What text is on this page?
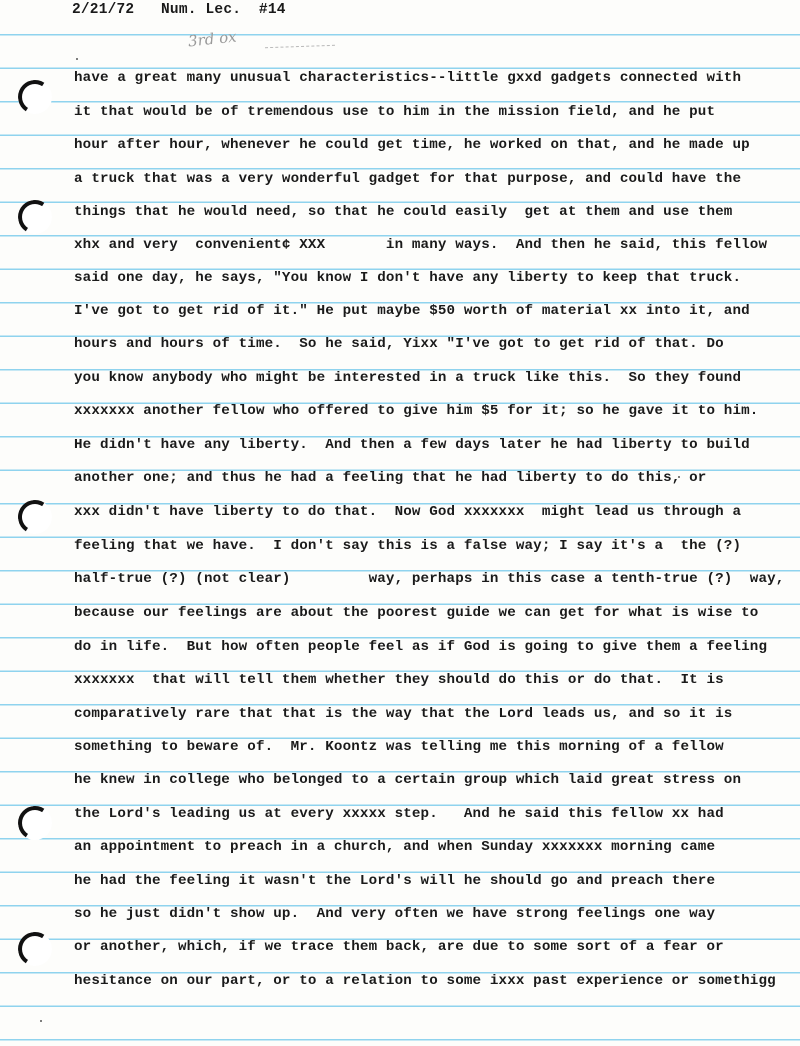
2/21/72   Num. Lec.  #14
3rd ox
have a great many unusual characteristics--little gxxd gadgets connected with
it that would be of tremendous use to him in the mission field, and he put
hour after hour, whenever he could get time, he worked on that, and he made up
a truck that was a very wonderful gadget for that purpose, and could have the
things that he would need, so that he could easily  get at them and use them
xhx and very  convenient¢ XXX       in many ways.  And then he said, this fellow
said one day, he says, "You know I don't have any liberty to keep that truck.
I've got to get rid of it." He put maybe $50 worth of material xx into it, and
hours and hours of time.  So he said, Yixx "I've got to get rid of that. Do
you know anybody who might be interested in a truck like this.  So they found
xxxxxxx another fellow who offered to give him $5 for it; so he gave it to him.
He didn't have any liberty.  And then a few days later he had liberty to build
another one; and thus he had a feeling that he had liberty to do this, or
xxx didn't have liberty to do that.  Now God xxxxxxx  might lead us through a
feeling that we have.  I don't say this is a false way; I say it's a  the (?)
half-true (?) (not clear)         way, perhaps in this case a tenth-true (?)  way,
because our feelings are about the poorest guide we can get for what is wise to
do in life.  But how often people feel as if God is going to give them a feeling
xxxxxxx  that will tell them whether they should do this or do that.  It is
comparatively rare that that is the way that the Lord leads us, and so it is
something to beware of.  Mr. Koontz was telling me this morning of a fellow
he knew in college who belonged to a certain group which laid great stress on
the Lord's leading us at every xxxxx step.   And he said this fellow xx had
an appointment to preach in a church, and when Sunday xxxxxxx morning came
he had the feeling it wasn't the Lord's will he should go and preach there
so he just didn't show up.  And very often we have strong feelings one way
or another, which, if we trace them back, are due to some sort of a fear or
hesitance on our part, or to a relation to some ixxx past experience or somethigg
